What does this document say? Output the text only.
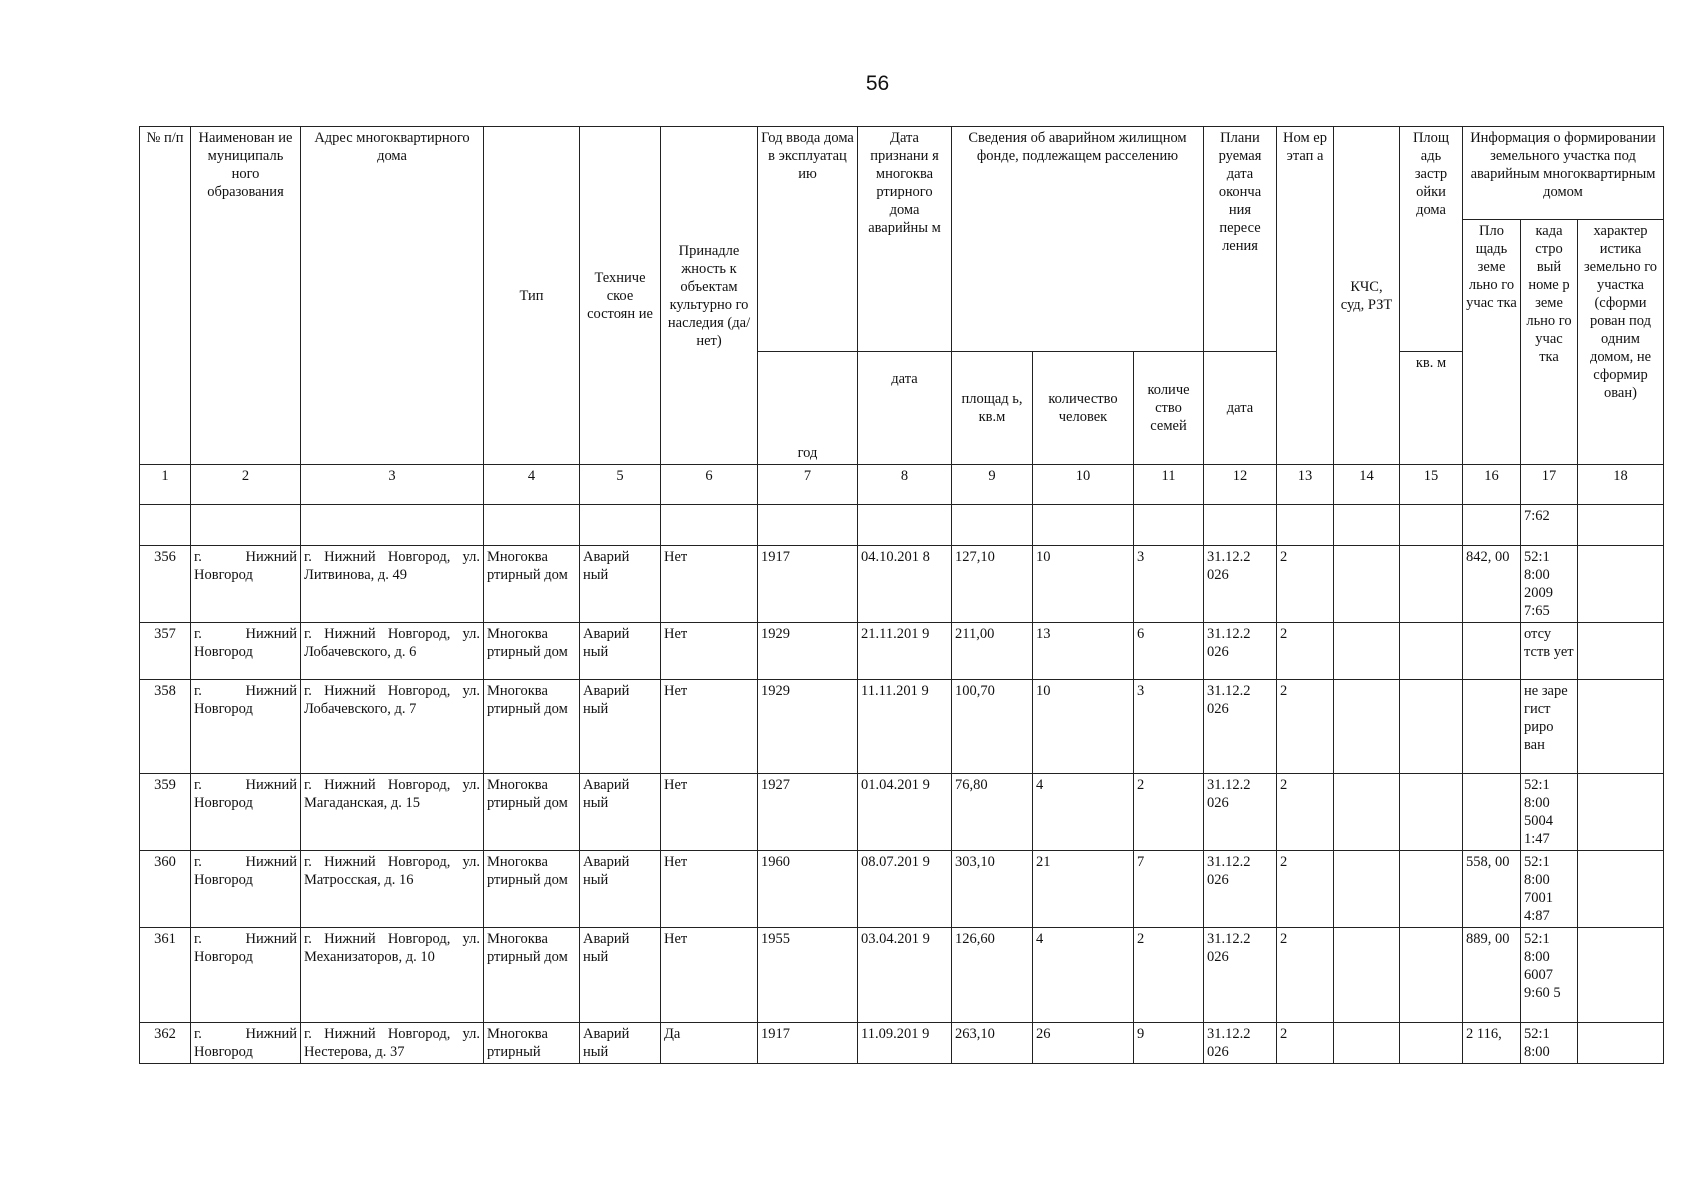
56
№ п/п	Наименован ие муниципаль ного образования	Адрес многоквартирного дома	Тип	Техниче ское состоян ие	Принадле жность к объектам культурно го наследия (да/нет)	Год ввода дома в эксплуатац ию	Дата признани я многоква ртирного дома аварийны м	Сведения об аварийном жилищном фонде, подлежащем расселению			Плани руемая дата оконча ния пересе ления	Ном ер этап а	КЧС, суд, РЗТ	Площ адь застр ойки дома	Информация о формировании земельного участка под аварийным многоквартирным домом		
															Пло щадь земе льно го учас тка	када стро вый номе р земе льно го учас тка	характер истика земельно го участка (сформи рован под одним домом, не сформир ован)
						год	дата	площад ь, кв.м	количество человек	количе ство семей	дата			кв. м			
1	2	3	4	5	6	7	8	9	10	11	12	13	14	15	16	17	18
																7:62	
356	г. Нижний Новгород	г. Нижний Новгород, ул. Литвинова, д. 49	Многоква ртирный дом	Аварий ный	Нет	1917	04.10.201 8	127,10	10	3	31.12.2 026	2			842, 00	52:1 8:00 2009 7:65	
357	г. Нижний Новгород	г. Нижний Новгород, ул. Лобачевского, д. 6	Многоква ртирный дом	Аварий ный	Нет	1929	21.11.201 9	211,00	13	6	31.12.2 026	2				отсу тств ует	
358	г. Нижний Новгород	г. Нижний Новгород, ул. Лобачевского, д. 7	Многоква ртирный дом	Аварий ный	Нет	1929	11.11.201 9	100,70	10	3	31.12.2 026	2				не заре гист риро ван	
359	г. Нижний Новгород	г. Нижний Новгород, ул. Магаданская, д. 15	Многоква ртирный дом	Аварий ный	Нет	1927	01.04.201 9	76,80	4	2	31.12.2 026	2				52:1 8:00 5004 1:47	
360	г. Нижний Новгород	г. Нижний Новгород, ул. Матросская, д. 16	Многоква ртирный дом	Аварий ный	Нет	1960	08.07.201 9	303,10	21	7	31.12.2 026	2			558, 00	52:1 8:00 7001 4:87	
361	г. Нижний Новгород	г. Нижний Новгород, ул. Механизаторов, д. 10	Многоква ртирный дом	Аварий ный	Нет	1955	03.04.201 9	126,60	4	2	31.12.2 026	2			889, 00	52:1 8:00 6007 9:60 5	
362	г. Нижний Новгород	г. Нижний Новгород, ул. Нестерова, д. 37	Многоква ртирный	Аварий ный	Да	1917	11.09.201 9	263,10	26	9	31.12.2 026	2			2 116,	52:1 8:00	
